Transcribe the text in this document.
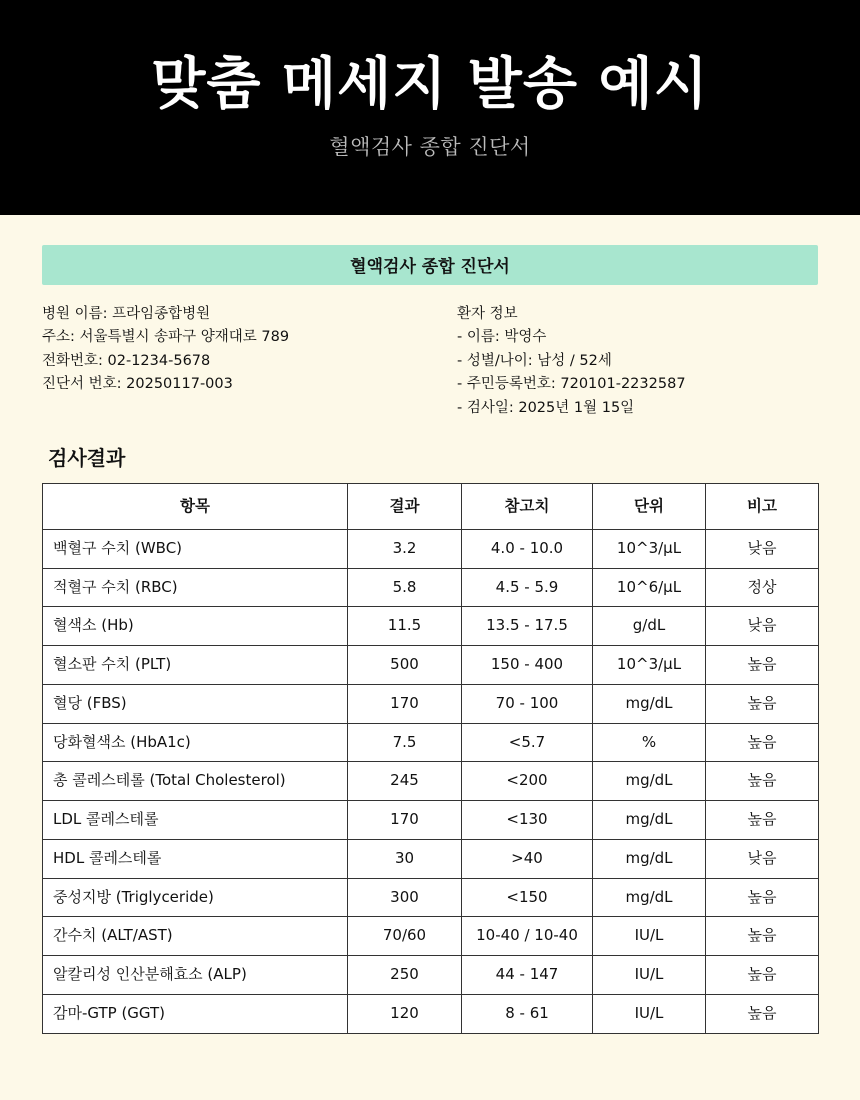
맞춤 메세지 발송 예시

혈액검사 종합 진단서

혈액검사 종합 진단서
병원 이름: 프라임종합병원
주소: 서울특별시 송파구 양재대로 789
전화번호: 02-1234-5678
진단서 번호: 20250117-003
환자 정보
- 이름: 박영수
- 성별/나이: 남성 / 52세
- 주민등록번호: 720101-2232587
- 검사일: 2025년 1월 15일
검사결과
항목	결과	참고치	단위	비고
백혈구 수치 (WBC)	3.2	4.0 - 10.0	10^3/μL	낮음
적혈구 수치 (RBC)	5.8	4.5 - 5.9	10^6/μL	정상
혈색소 (Hb)	11.5	13.5 - 17.5	g/dL	낮음
혈소판 수치 (PLT)	500	150 - 400	10^3/μL	높음
혈당 (FBS)	170	70 - 100	mg/dL	높음
당화혈색소 (HbA1c)	7.5	<5.7	%	높음
총 콜레스테롤 (Total Cholesterol)	245	<200	mg/dL	높음
LDL 콜레스테롤	170	<130	mg/dL	높음
HDL 콜레스테롤	30	>40	mg/dL	낮음
중성지방 (Triglyceride)	300	<150	mg/dL	높음
간수치 (ALT/AST)	70/60	10-40 / 10-40	IU/L	높음
알칼리성 인산분해효소 (ALP)	250	44 - 147	IU/L	높음
감마-GTP (GGT)	120	8 - 61	IU/L	높음
